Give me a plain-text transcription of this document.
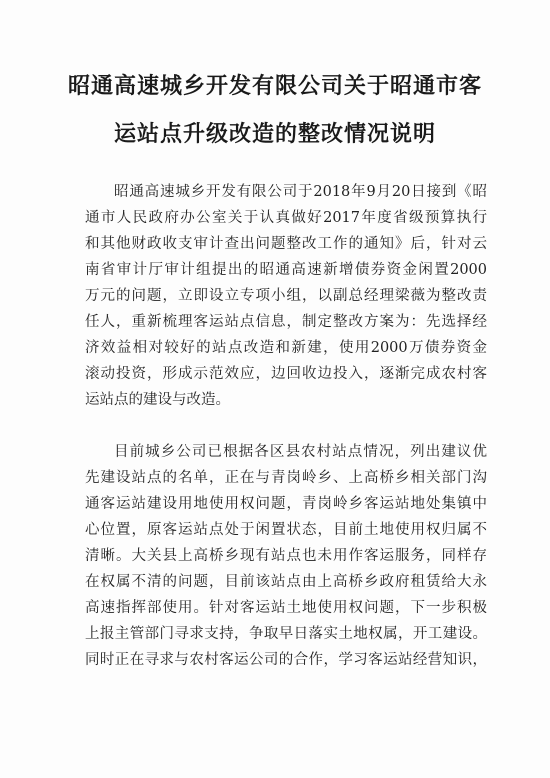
昭通高速城乡开发有限公司关于昭通市客
运站点升级改造的整改情况说明
昭通高速城乡开发有限公司于2018年9月20日接到《昭
通市人民政府办公室关于认真做好2017年度省级预算执行
和其他财政收支审计查出问题整改工作的通知》后，针对云
南省审计厅审计组提出的昭通高速新增债券资金闲置2000
万元的问题，立即设立专项小组，以副总经理梁薇为整改责
任人，重新梳理客运站点信息，制定整改方案为：先选择经
济效益相对较好的站点改造和新建，使用2000万债券资金
滚动投资，形成示范效应，边回收边投入，逐渐完成农村客
运站点的建设与改造。
目前城乡公司已根据各区县农村站点情况，列出建议优
先建设站点的名单，正在与青岗岭乡、上高桥乡相关部门沟
通客运站建设用地使用权问题，青岗岭乡客运站地处集镇中
心位置，原客运站点处于闲置状态，目前土地使用权归属不
清晰。大关县上高桥乡现有站点也未用作客运服务，同样存
在权属不清的问题，目前该站点由上高桥乡政府租赁给大永
高速指挥部使用。针对客运站土地使用权问题，下一步积极
上报主管部门寻求支持，争取早日落实土地权属，开工建设。
同时正在寻求与农村客运公司的合作，学习客运站经营知识，
